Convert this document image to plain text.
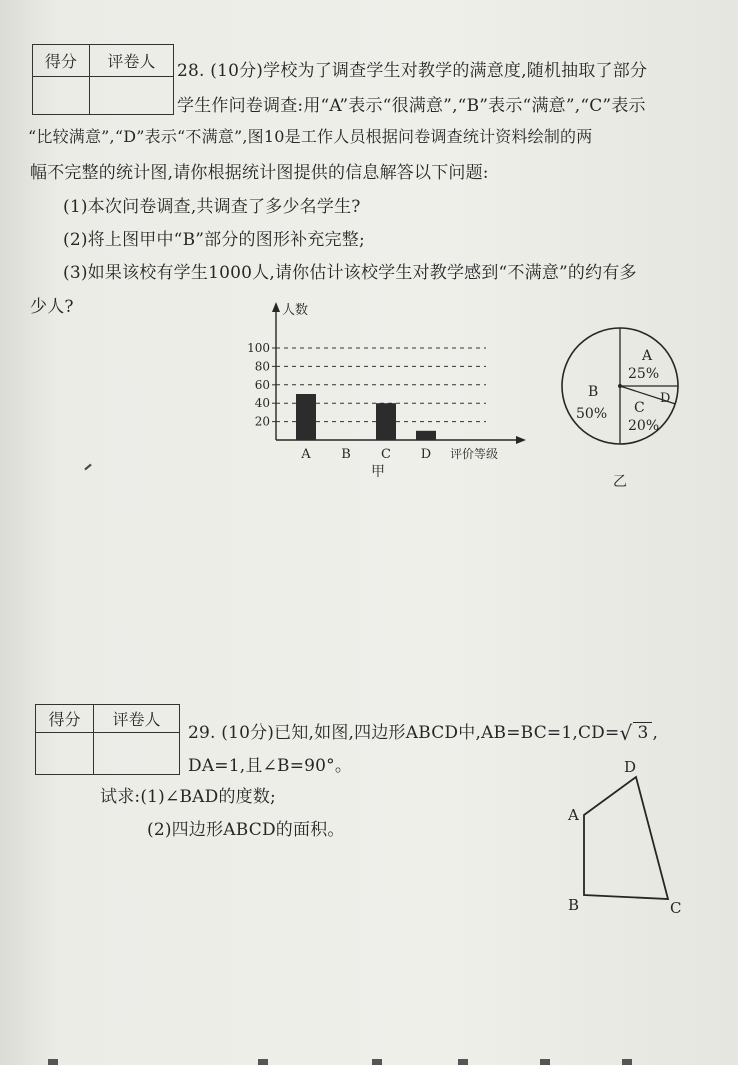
得分	评卷人
	28. (10分)学校为了调查学生对教学的满意度,随机抽取了部分
学生作问卷调查:用“A”表示“很满意”,“B”表示“满意”,“C”表示
“比较满意”,“D”表示“不满意”,图10是工作人员根据问卷调查统计资料绘制的两
幅不完整的统计图,请你根据统计图提供的信息解答以下问题:
(1)本次问卷调查,共调查了多少名学生?
(2)将上图甲中“B”部分的图形补充完整;
(3)如果该校有学生1000人,请你估计该校学生对教学感到“不满意”的约有多
少人?
20
40
60
80
100
人数
评价等级
A B C D
甲
A
25%
B
50% C
20%
D
乙
得分	评卷人

29. (10分)已知,如图,四边形ABCD中,AB=BC=1,CD= √ 3 ,
DA=1,且∠B=90°。
试求:(1)∠BAD的度数;
(2)四边形ABCD的面积。
A
D
B	C
